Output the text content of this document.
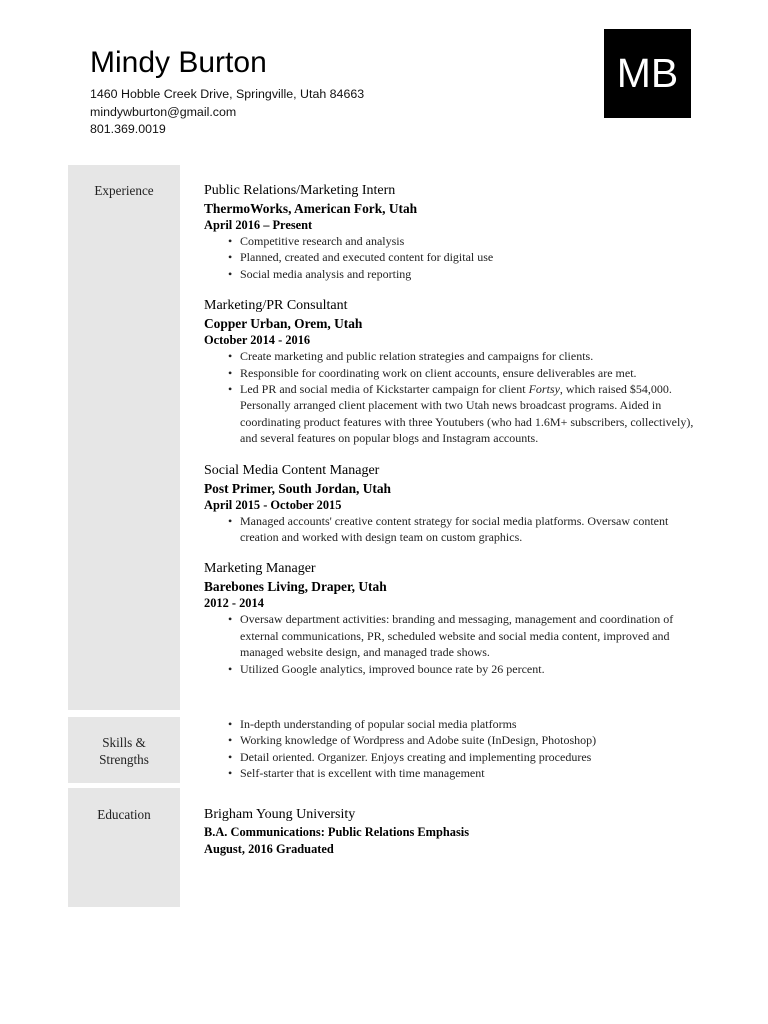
Mindy Burton
1460 Hobble Creek Drive, Springville, Utah 84663
mindywburton@gmail.com
801.369.0019
MB
Experience
Skills &
Strengths
Education
Public Relations/Marketing Intern
ThermoWorks, American Fork, Utah
April 2016 – Present
• Competitive research and analysis
• Planned, created and executed content for digital use
• Social media analysis and reporting
Marketing/PR Consultant
Copper Urban, Orem, Utah
October 2014 - 2016
• Create marketing and public relation strategies and campaigns for clients.
• Responsible for coordinating work on client accounts, ensure deliverables are met.
• Led PR and social media of Kickstarter campaign for client Fortsy, which raised $54,000. Personally arranged client placement with two Utah news broadcast programs. Aided in coordinating product features with three Youtubers (who had 1.6M+ subscribers, collectively), and several features on popular blogs and Instagram accounts.
Social Media Content Manager
Post Primer, South Jordan, Utah
April 2015 - October 2015
• Managed accounts' creative content strategy for social media platforms. Oversaw content creation and worked with design team on custom graphics.
Marketing Manager
Barebones Living, Draper, Utah
2012 - 2014
• Oversaw department activities: branding and messaging, management and coordination of external communications, PR, scheduled website and social media content, improved and managed website design, and managed trade shows.
• Utilized Google analytics, improved bounce rate by 26 percent.
• In-depth understanding of popular social media platforms
• Working knowledge of Wordpress and Adobe suite (InDesign, Photoshop)
• Detail oriented. Organizer. Enjoys creating and implementing procedures
• Self-starter that is excellent with time management
Brigham Young University
B.A. Communications: Public Relations Emphasis
August, 2016 Graduated
